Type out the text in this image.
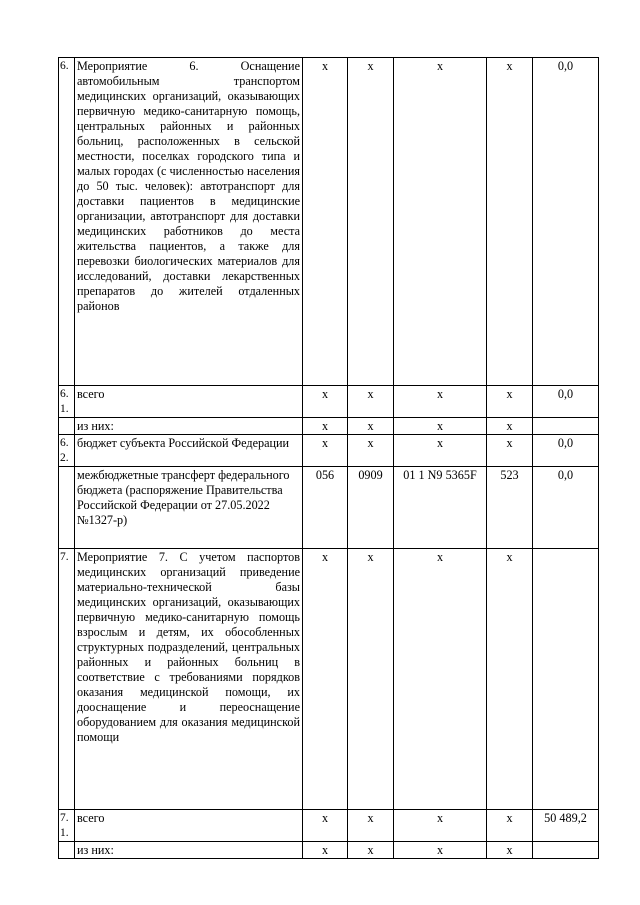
6.	Мероприятие 6. Оснащение автомобильным транспортом медицинских организаций, оказывающих первичную медико-санитарную помощь, центральных районных и районных больниц, расположенных в сельской местности, поселках городского типа и малых городах (с численностью населения до 50 тыс. человек): автотранспорт для доставки пациентов в медицинские организации, автотранспорт для доставки медицинских работников до места жительства пациентов, а также для перевозки биологических материалов для исследований, доставки лекарственных препаратов до жителей отдаленных районов	х	х	х	х	0,0
6.1.	всего	х	х	х	х	0,0
	из них:	х	х	х	х	
6.2.	бюджет субъекта Российской Федерации	х	х	х	х	0,0
	межбюджетные трансферт федерального бюджета (распоряжение Правительства Российской Федерации от 27.05.2022 №1327-р)	056	0909	01 1 N9 5365F	523	0,0
7.	Мероприятие 7. С учетом паспортов медицинских организаций приведение материально-технической базы медицинских организаций, оказывающих первичную медико-санитарную помощь взрослым и детям, их обособленных структурных подразделений, центральных районных и районных больниц в соответствие с требованиями порядков оказания медицинской помощи, их дооснащение и переоснащение оборудованием для оказания медицинской помощи	х	х	х	х	
7.1.	всего	х	х	х	х	50 489,2
	из них:	х	х	х	х	
